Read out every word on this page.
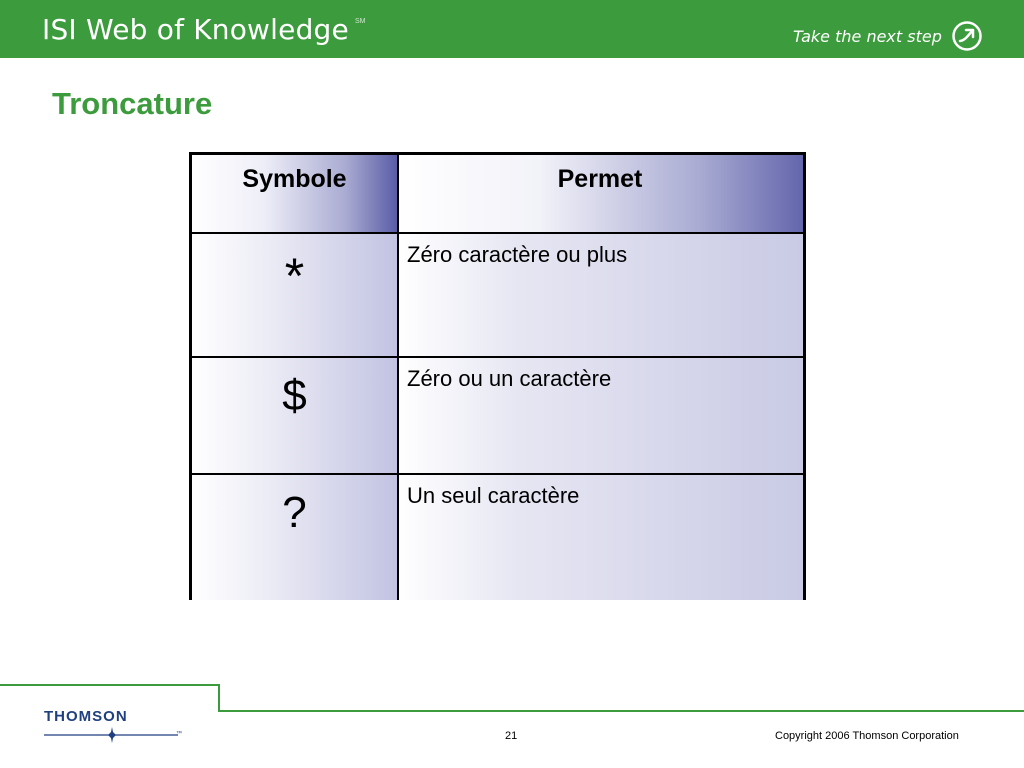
ISI Web of Knowledge SM
Take the next step
Troncature
Symbole	Permet
*	Zéro caractère ou plus
$	Zéro ou un caractère
?	Un seul caractère
THOMSON
™	21	Copyright 2006 Thomson Corporation
